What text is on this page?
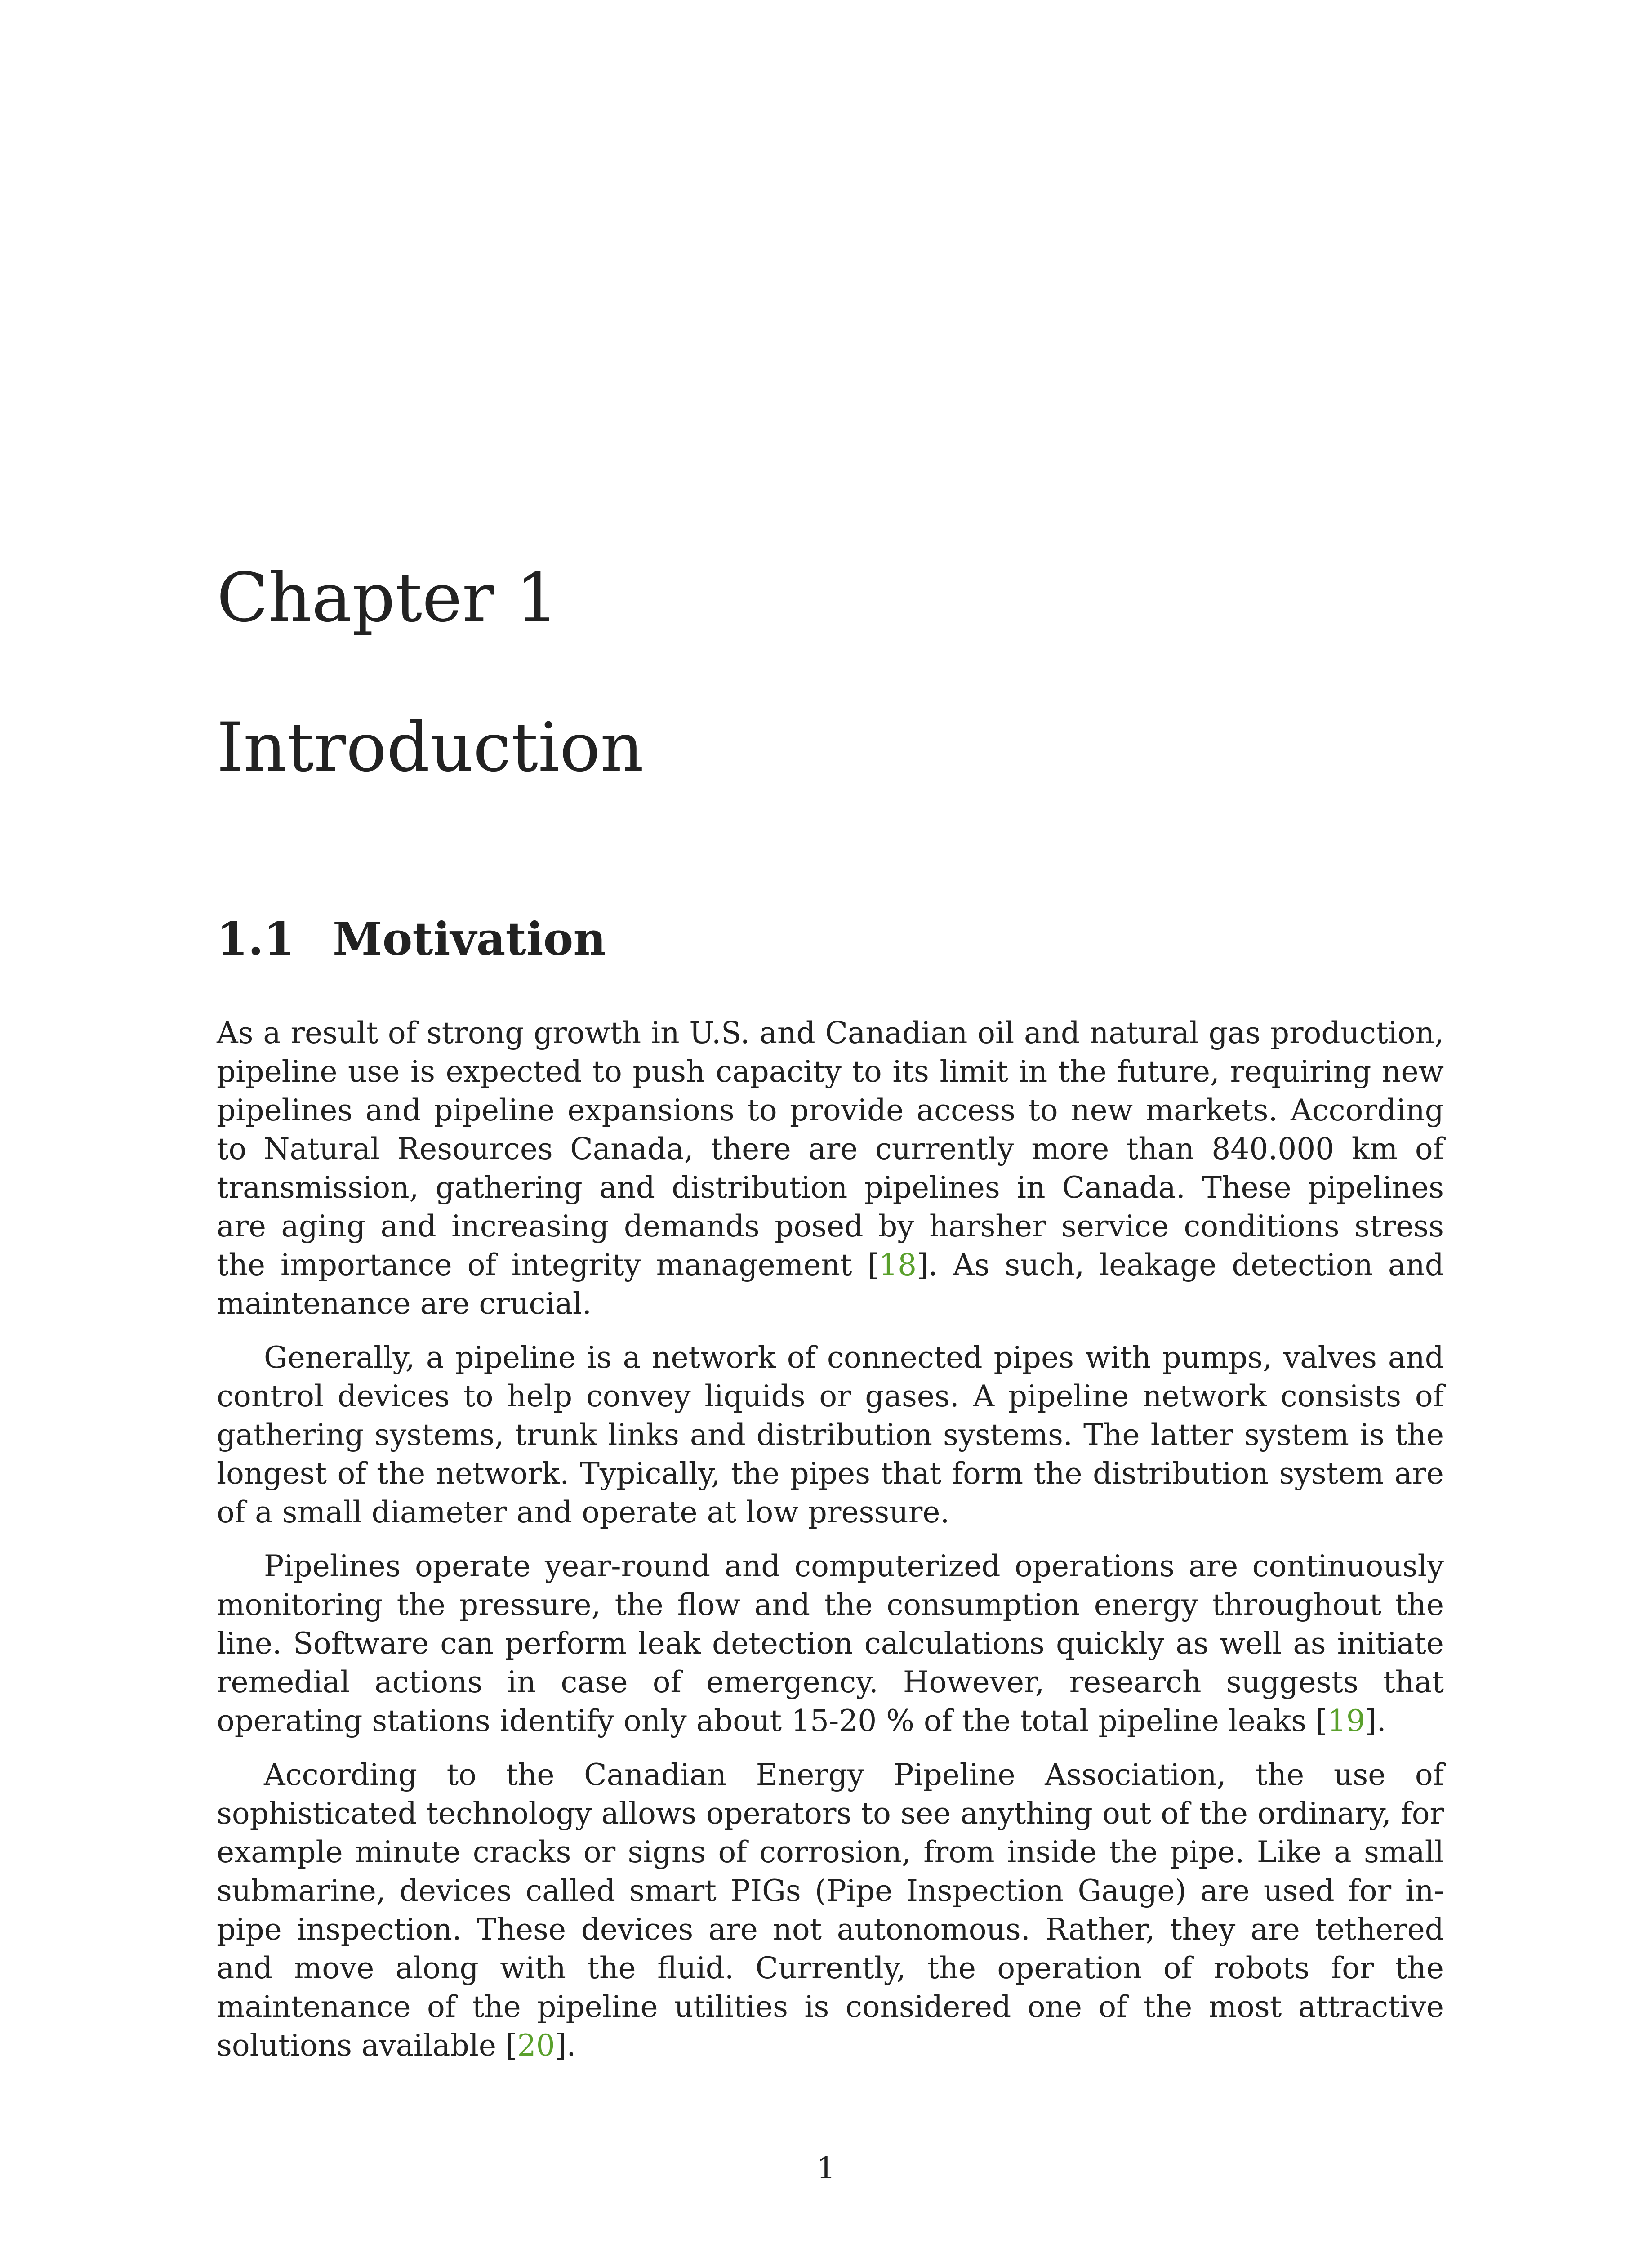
Chapter 1
Introduction
1.1 Motivation

As a result of strong growth in U.S. and Canadian oil and natural gas production, pipeline use is expected to push capacity to its limit in the future, requiring new pipelines and pipeline expansions to provide access to new markets. According to Natural Resources Canada, there are currently more than 840.000 km of transmission, gathering and distribution pipelines in Canada. These pipelines are aging and increasing demands posed by harsher service conditions stress the importance of integrity management [18]. As such, leakage detection and maintenance are crucial.

Generally, a pipeline is a network of connected pipes with pumps, valves and control devices to help convey liquids or gases. A pipeline network consists of gathering systems, trunk links and distribution systems. The latter system is the longest of the network. Typically, the pipes that form the distribution system are of a small diameter and operate at low pressure.

Pipelines operate year-round and computerized operations are continuously monitoring the pressure, the flow and the consumption energy throughout the line. Software can perform leak detection calculations quickly as well as initiate remedial actions in case of emergency. However, research suggests that operating stations identify only about 15-20 % of the total pipeline leaks [19].

According to the Canadian Energy Pipeline Association, the use of sophisticated technology allows operators to see anything out of the ordinary, for example minute cracks or signs of corrosion, from inside the pipe. Like a small submarine, devices called smart PIGs (Pipe Inspection Gauge) are used for in-pipe inspection. These devices are not autonomous. Rather, they are tethered and move along with the fluid. Currently, the operation of robots for the maintenance of the pipeline utilities is considered one of the most attractive solutions available [20].

1
